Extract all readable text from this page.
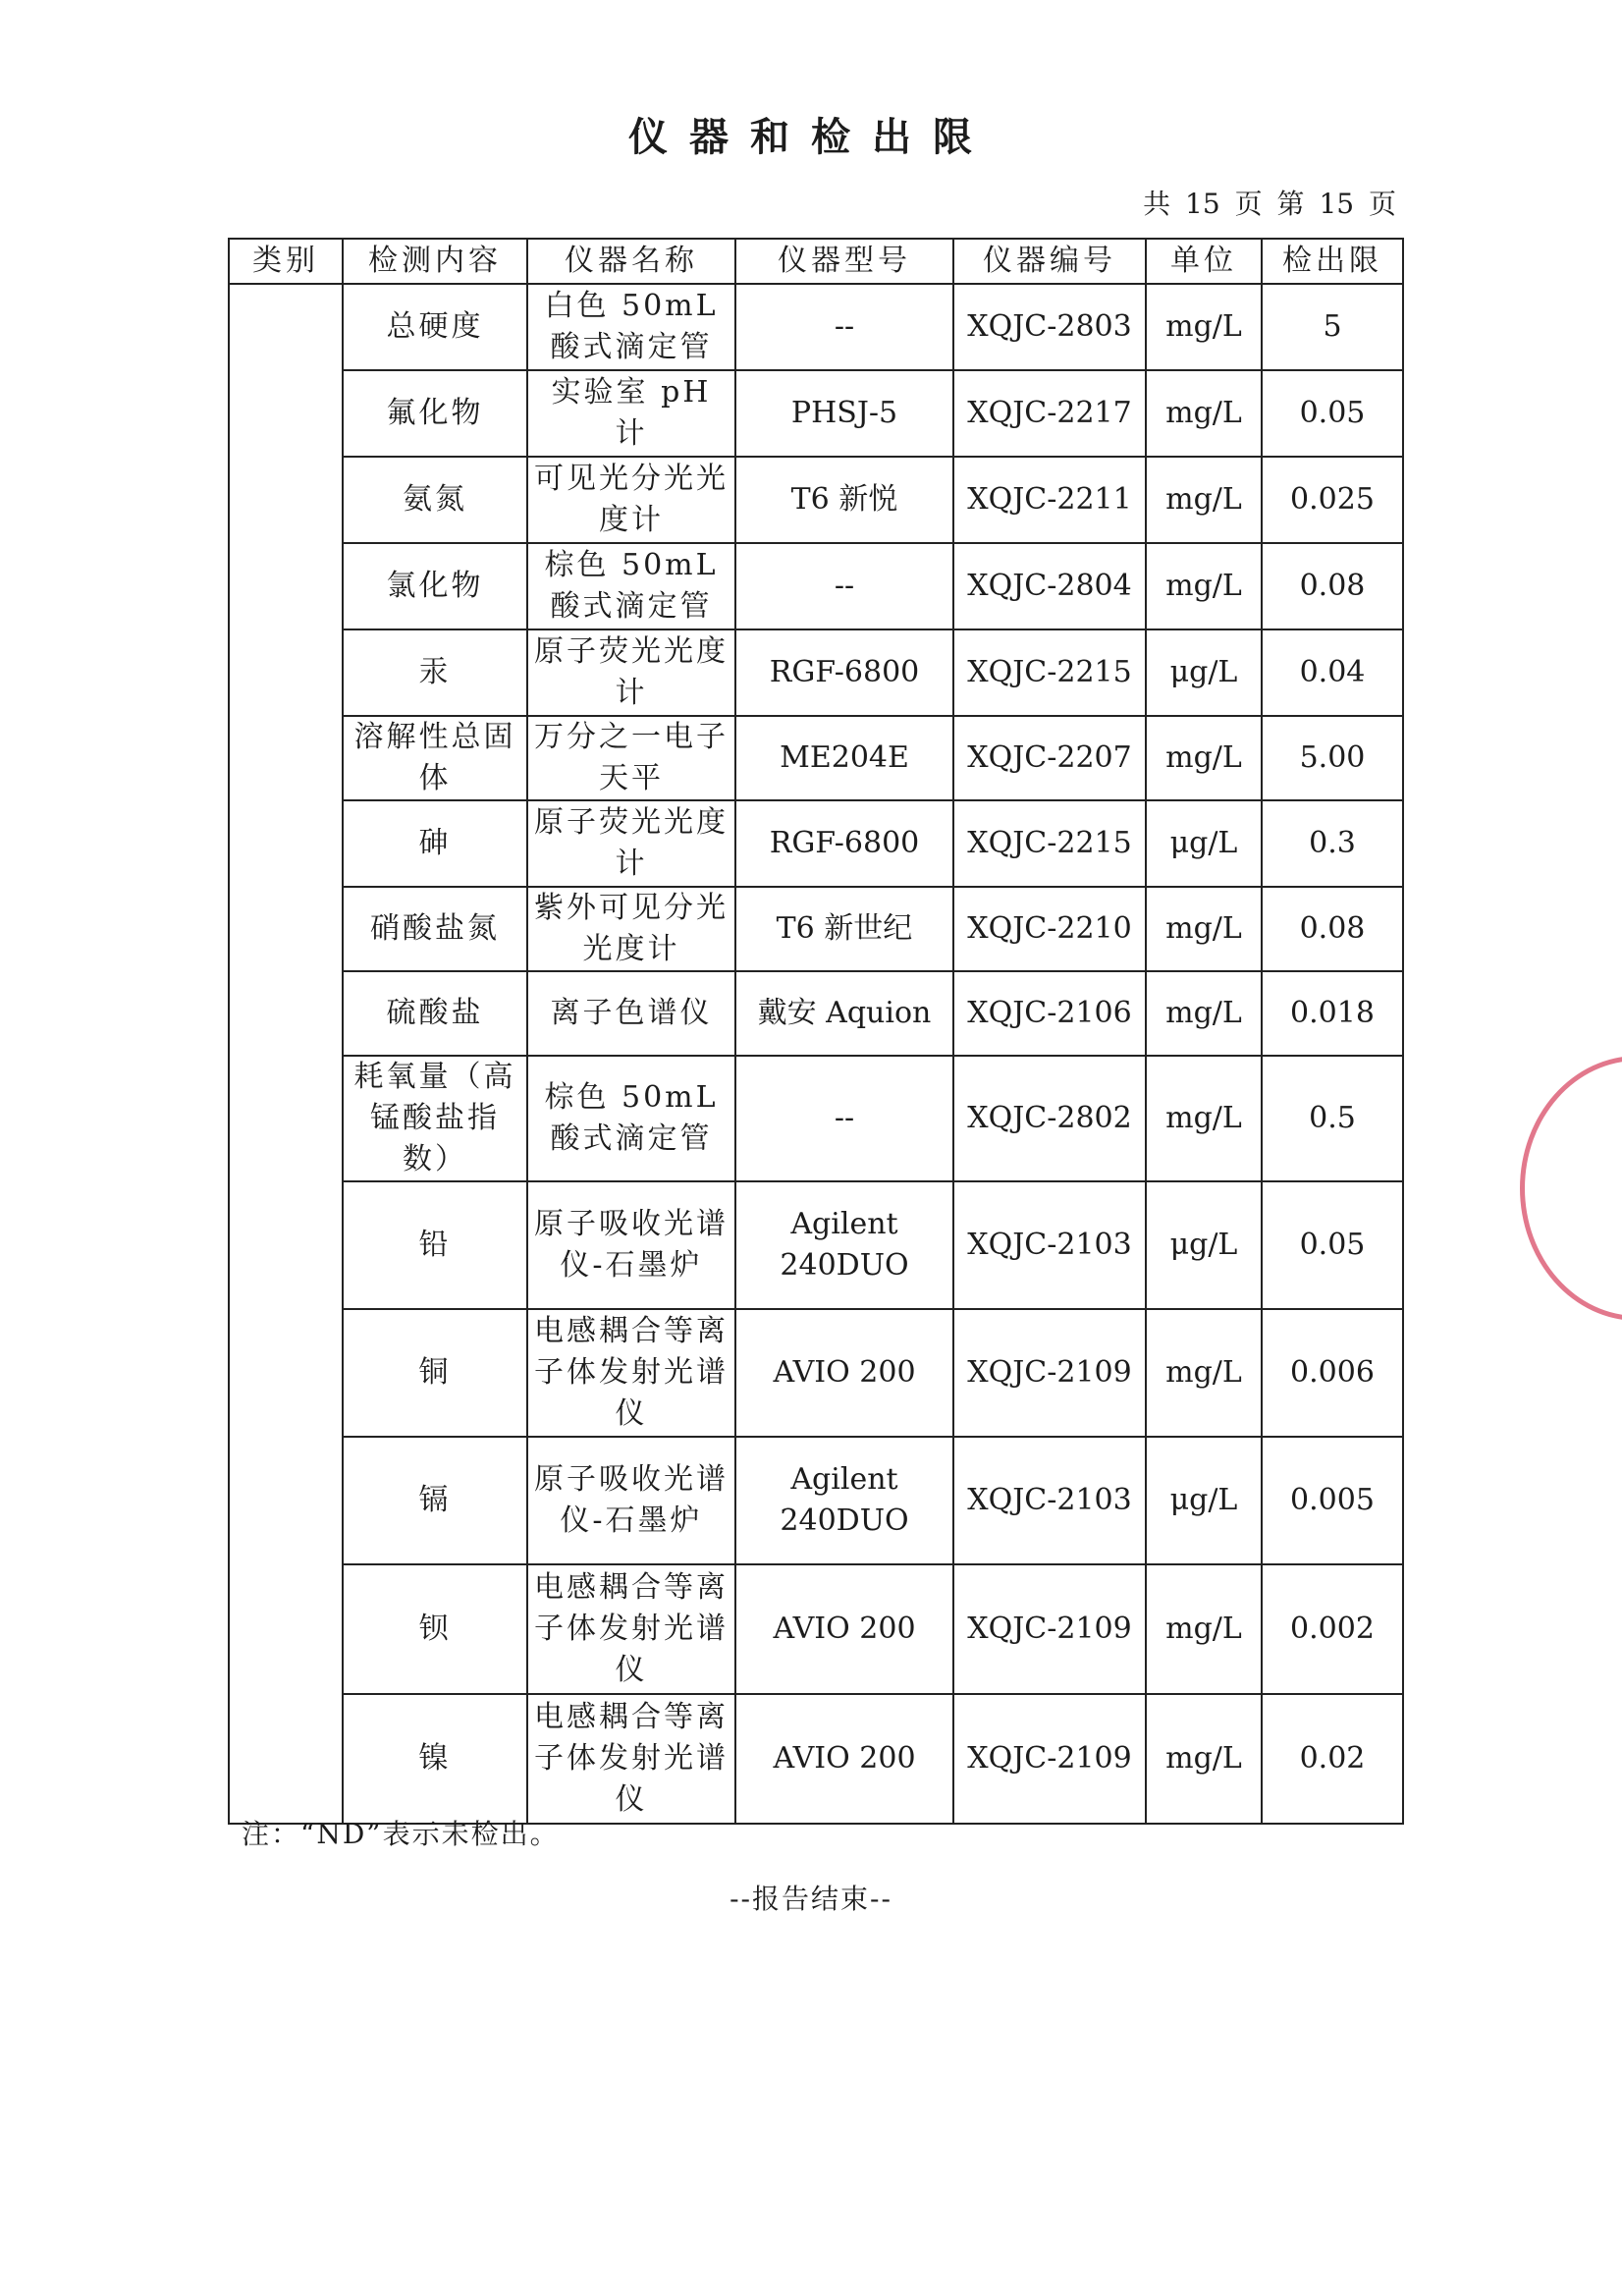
仪器和检出限
共 15 页 第 15 页
类别	检测内容	仪器名称	仪器型号	仪器编号	单位	检出限
	总硬度	白色 50mL 酸式滴定管	--	XQJC-2803	mg/L	5
	氟化物	实验室 pH 计	PHSJ-5	XQJC-2217	mg/L	0.05
	氨氮	可见光分光光度计	T6 新悦	XQJC-2211	mg/L	0.025
	氯化物	棕色 50mL 酸式滴定管	--	XQJC-2804	mg/L	0.08
	汞	原子荧光光度计	RGF-6800	XQJC-2215	μg/L	0.04
	溶解性总固体	万分之一电子天平	ME204E	XQJC-2207	mg/L	5.00
	砷	原子荧光光度计	RGF-6800	XQJC-2215	μg/L	0.3
	硝酸盐氮	紫外可见分光光度计	T6 新世纪	XQJC-2210	mg/L	0.08
	硫酸盐	离子色谱仪	戴安 Aquion	XQJC-2106	mg/L	0.018
	耗氧量（高锰酸盐指数）	棕色 50mL 酸式滴定管	--	XQJC-2802	mg/L	0.5
	铅	原子吸收光谱仪-石墨炉	Agilent 240DUO	XQJC-2103	μg/L	0.05
	铜	电感耦合等离子体发射光谱仪	AVIO 200	XQJC-2109	mg/L	0.006
	镉	原子吸收光谱仪-石墨炉	Agilent 240DUO	XQJC-2103	μg/L	0.005
	钡	电感耦合等离子体发射光谱仪	AVIO 200	XQJC-2109	mg/L	0.002
	镍	电感耦合等离子体发射光谱仪	AVIO 200	XQJC-2109	mg/L	0.02
注：“ND”表示未检出。
--报告结束--
